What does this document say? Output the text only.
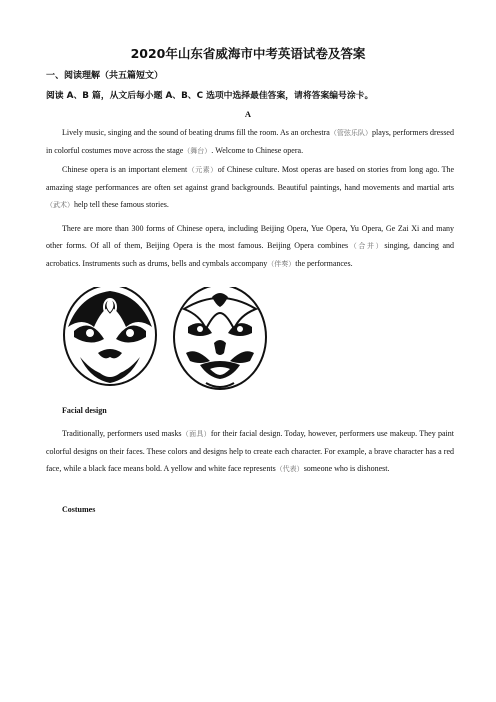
2020年山东省威海市中考英语试卷及答案
一、阅读理解（共五篇短文）
阅读 A、B 篇，从文后每小题 A、B、C 选项中选择最佳答案，请将答案编号涂卡。
A
Lively music, singing and the sound of beating drums fill the room. As an orchestra（管弦乐队）plays, performers dressed in colorful costumes move across the stage（舞台）. Welcome to Chinese opera.
Chinese opera is an important element（元素）of Chinese culture. Most operas are based on stories from long ago. The amazing stage performances are often set against grand backgrounds. Beautiful paintings, hand movements and martial arts（武术）help tell these famous stories.
There are more than 300 forms of Chinese opera, including Beijing Opera, Yue Opera, Yu Opera, Ge Zai Xi and many other forms. Of all of them, Beijing Opera is the most famous. Beijing Opera combines（合并）singing, dancing and acrobatics. Instruments such as drums, bells and cymbals accompany（伴奏）the performances.
Facial design
Traditionally, performers used masks（面具）for their facial design. Today, however, performers use makeup. They paint colorful designs on their faces. These colors and designs help to create each character. For example, a brave character has a red face, while a black face means bold. A yellow and white face represents（代表）someone who is dishonest.
Costumes
